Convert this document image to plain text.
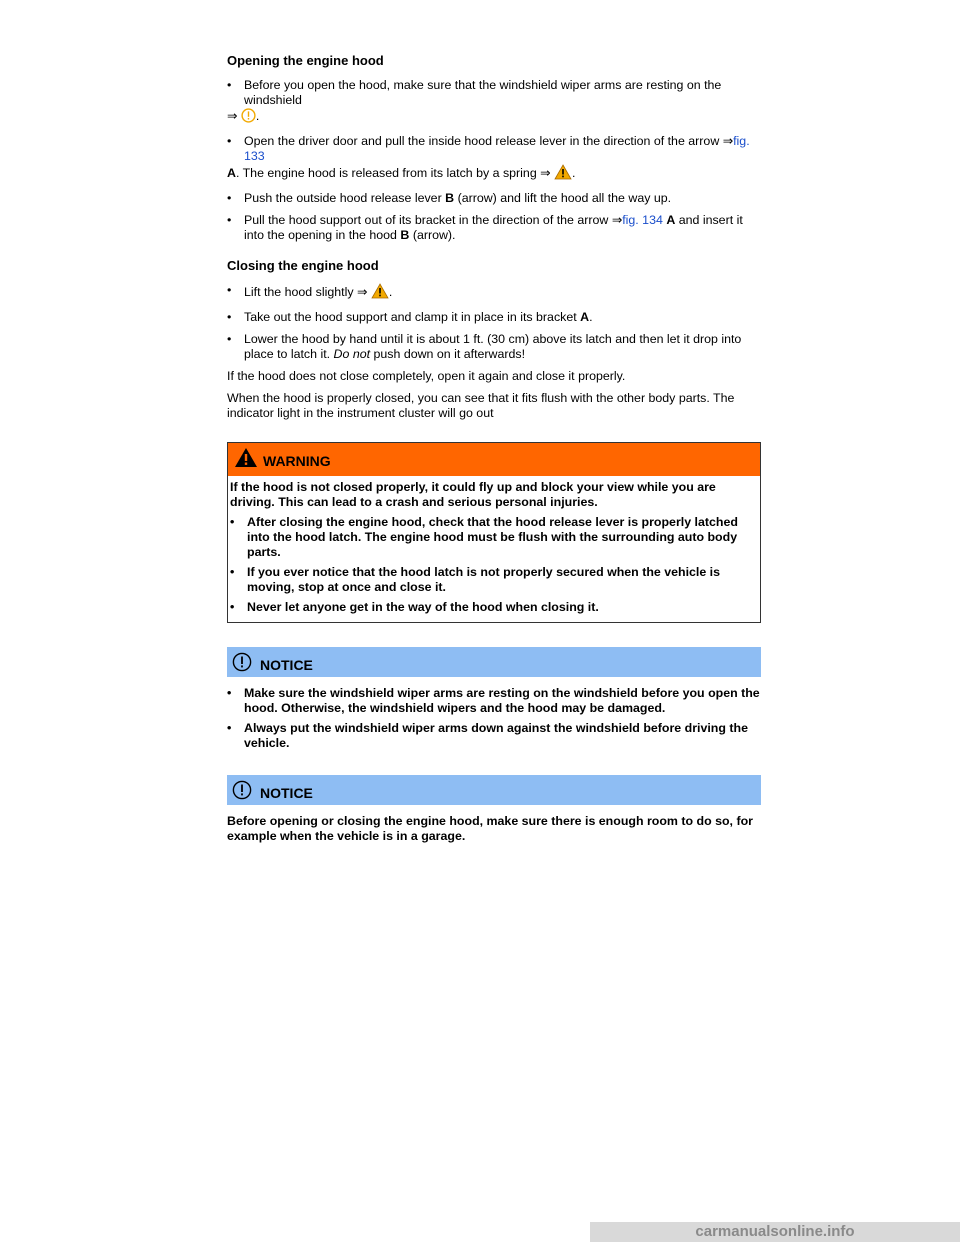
Opening the engine hood
• Before you open the hood, make sure that the windshield wiper arms are resting on the windshield
⇒ .
• Open the driver door and pull the inside hood release lever in the direction of the arrow ⇒fig. 133
A. The engine hood is released from its latch by a spring ⇒ .
• Push the outside hood release lever B (arrow) and lift the hood all the way up.
• Pull the hood support out of its bracket in the direction of the arrow ⇒fig. 134 A and insert it into the opening in the hood B (arrow).
Closing the engine hood
• Lift the hood slightly ⇒ .
• Take out the hood support and clamp it in place in its bracket A.
• Lower the hood by hand until it is about 1 ft. (30 cm) above its latch and then let it drop into place to latch it. Do not push down on it afterwards!

If the hood does not close completely, open it again and close it properly.

When the hood is properly closed, you can see that it fits flush with the other body parts. The indicator light in the instrument cluster will go out

WARNING

If the hood is not closed properly, it could fly up and block your view while you are driving. This can lead to a crash and serious personal injuries.

• After closing the engine hood, check that the hood release lever is properly latched into the hood latch. The engine hood must be flush with the surrounding auto body parts.
• If you ever notice that the hood latch is not properly secured when the vehicle is moving, stop at once and close it.
• Never let anyone get in the way of the hood when closing it.
NOTICE
• Make sure the windshield wiper arms are resting on the windshield before you open the hood. Otherwise, the windshield wipers and the hood may be damaged.
• Always put the windshield wiper arms down against the windshield before driving the vehicle.
NOTICE

Before opening or closing the engine hood, make sure there is enough room to do so, for example when the vehicle is in a garage.

carmanualsonline.info
